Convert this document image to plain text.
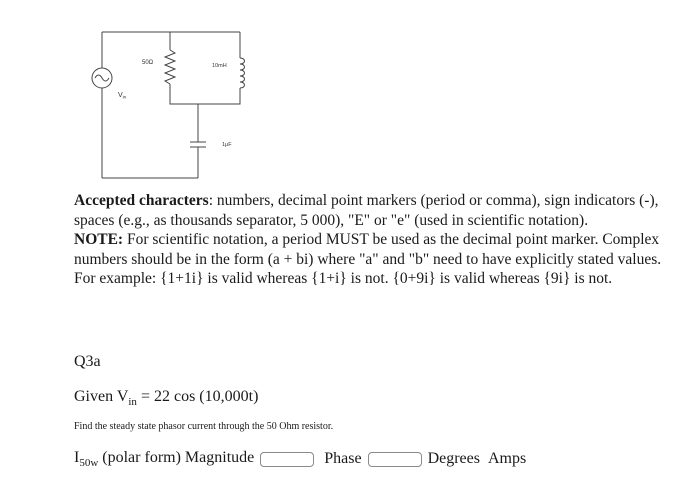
50Ω	10mH
1μF
$V_{in}$

Accepted characters: numbers, decimal point markers (period or comma), sign indicators (-), spaces (e.g., as thousands separator, 5 000), "E" or "e" (used in scientific notation).

NOTE: For scientific notation, a period MUST be used as the decimal point marker. Complex numbers should be in the form (a + bi) where "a" and "b" need to have explicitly stated values.

For example: {1+1i} is valid whereas {1+i} is not. {0+9i} is valid whereas {9i} is not.

Q3a
Given $V_{in} = 22$ cos (10,000t)
Find the steady state phasor current through the 50 Ohm resistor.
$I_{50w}$ (polar form) Magnitude	Phase	Degrees Amps
